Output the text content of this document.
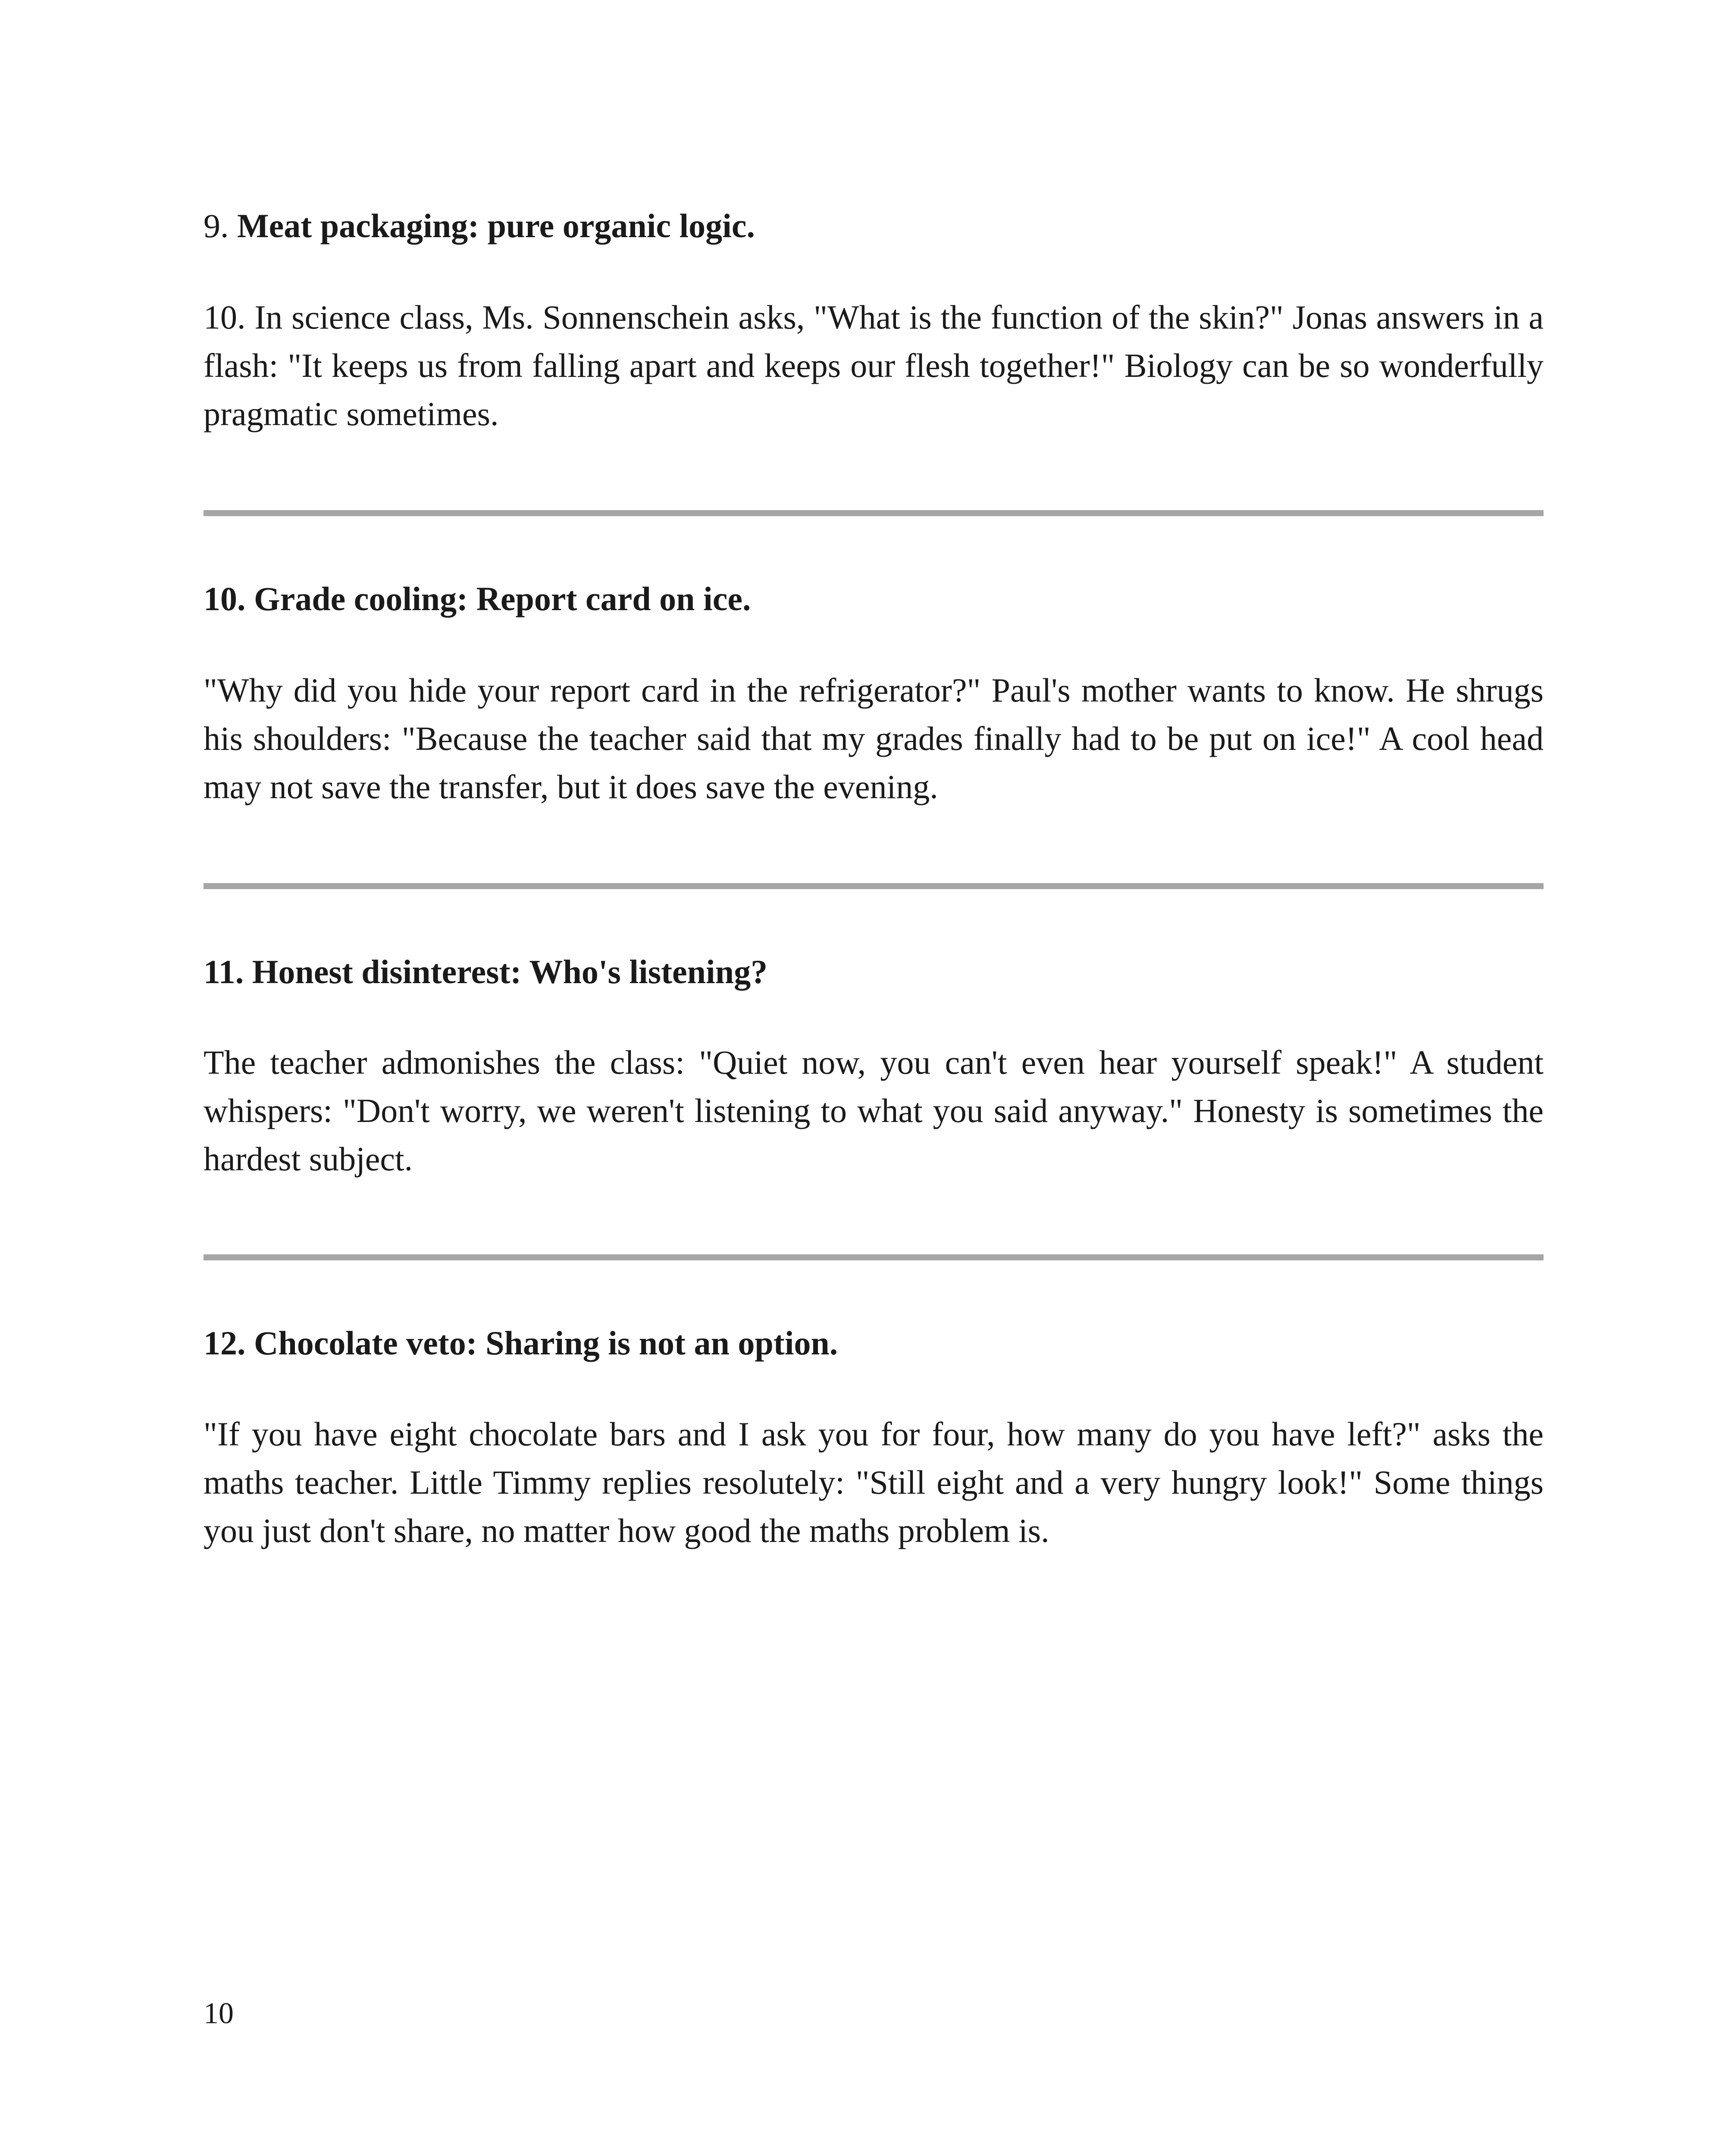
9. Meat packaging: pure organic logic.

10. In science class, Ms. Sonnenschein asks, "What is the function of the skin?" Jonas answers in a flash: "It keeps us from falling apart and keeps our flesh together!" Biology can be so wonderfully pragmatic sometimes.

10. Grade cooling: Report card on ice.

"Why did you hide your report card in the refrigerator?" Paul's mother wants to know. He shrugs his shoulders: "Because the teacher said that my grades finally had to be put on ice!" A cool head may not save the transfer, but it does save the evening.

11. Honest disinterest: Who's listening?

The teacher admonishes the class: "Quiet now, you can't even hear yourself speak!" A student whispers: "Don't worry, we weren't listening to what you said anyway." Honesty is sometimes the hardest subject.

12. Chocolate veto: Sharing is not an option.

"If you have eight chocolate bars and I ask you for four, how many do you have left?" asks the maths teacher. Little Timmy replies resolutely: "Still eight and a very hungry look!" Some things you just don't share, no matter how good the maths problem is.

10
